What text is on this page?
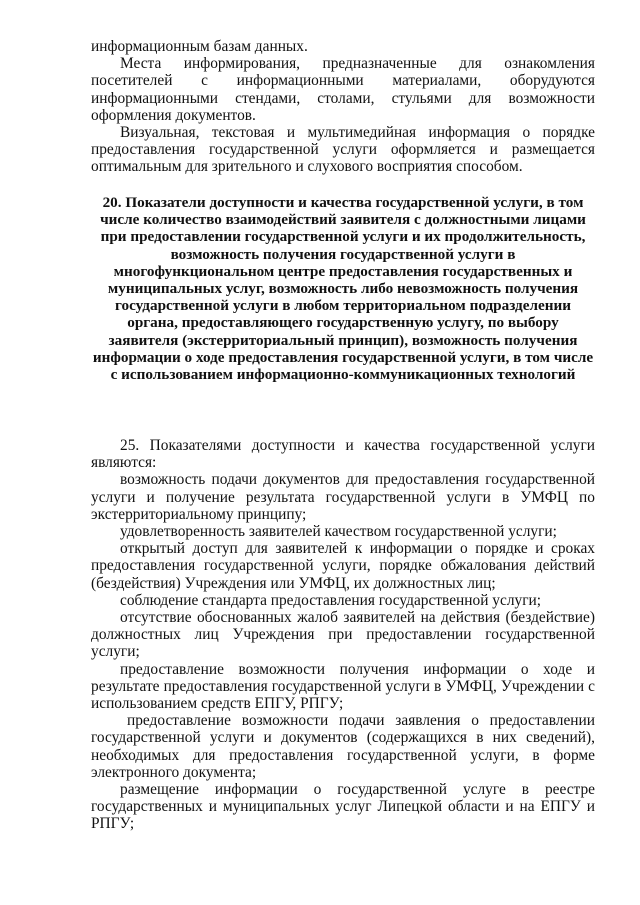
информационным базам данных.

Места информирования, предназначенные для ознакомления посетителей с информационными материалами, оборудуются информационными стендами, столами, стульями для возможности оформления документов.

Визуальная, текстовая и мультимедийная информация о порядке предоставления государственной услуги оформляется и размещается оптимальным для зрительного и слухового восприятия способом.

20. Показатели доступности и качества государственной услуги, в том числе количество взаимодействий заявителя с должностными лицами при предоставлении государственной услуги и их продолжительность, возможность получения государственной услуги в многофункциональном центре предоставления государственных и муниципальных услуг, возможность либо невозможность получения государственной услуги в любом территориальном подразделении органа, предоставляющего государственную услугу, по выбору заявителя (экстерриториальный принцип), возможность получения информации о ходе предоставления государственной услуги, в том числе с использованием информационно-коммуникационных технологий

25. Показателями доступности и качества государственной услуги являются:

возможность подачи документов для предоставления государственной услуги и получение результата государственной услуги в УМФЦ по экстерриториальному принципу;

удовлетворенность заявителей качеством государственной услуги;

открытый доступ для заявителей к информации о порядке и сроках предоставления государственной услуги, порядке обжалования действий (бездействия) Учреждения или УМФЦ, их должностных лиц;

соблюдение стандарта предоставления государственной услуги;

отсутствие обоснованных жалоб заявителей на действия (бездействие) должностных лиц Учреждения при предоставлении государственной услуги;

предоставление возможности получения информации о ходе и результате предоставления государственной услуги в УМФЦ, Учреждении с использованием средств ЕПГУ, РПГУ;

предоставление возможности подачи заявления о предоставлении государственной услуги и документов (содержащихся в них сведений), необходимых для предоставления государственной услуги, в форме электронного документа;

размещение информации о государственной услуге в реестре государственных и муниципальных услуг Липецкой области и на ЕПГУ и РПГУ;
